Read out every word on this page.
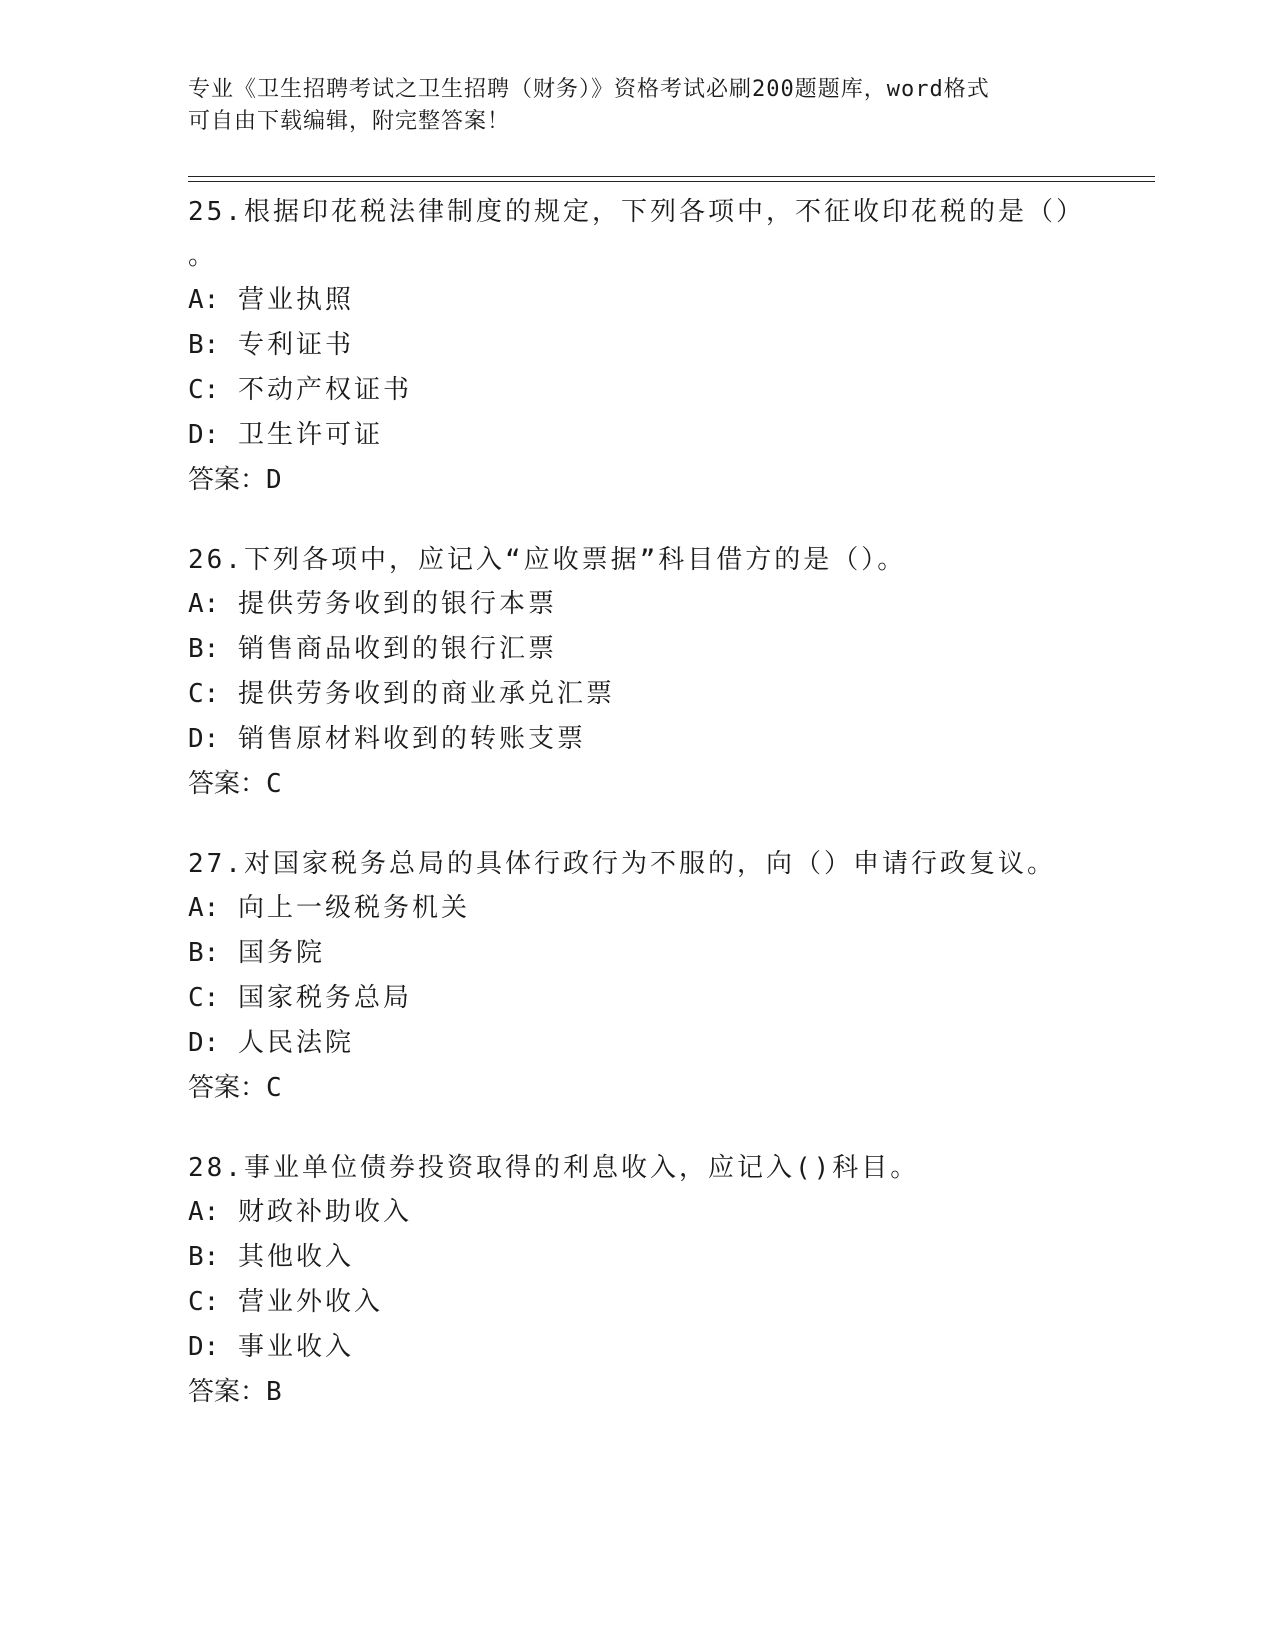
专业《卫生招聘考试之卫生招聘（财务）》资格考试必刷200题题库，word格式
可自由下载编辑，附完整答案！
25.根据印花税法律制度的规定，下列各项中，不征收印花税的是（）
。
A: 营业执照
B: 专利证书
C: 不动产权证书
D: 卫生许可证
答案：D
26.下列各项中，应记入“应收票据”科目借方的是（）。
A: 提供劳务收到的银行本票
B: 销售商品收到的银行汇票
C: 提供劳务收到的商业承兑汇票
D: 销售原材料收到的转账支票
答案：C
27.对国家税务总局的具体行政行为不服的，向（）申请行政复议。
A: 向上一级税务机关
B: 国务院
C: 国家税务总局
D: 人民法院
答案：C
28.事业单位债券投资取得的利息收入，应记入()科目。
A: 财政补助收入
B: 其他收入
C: 营业外收入
D: 事业收入
答案：B
